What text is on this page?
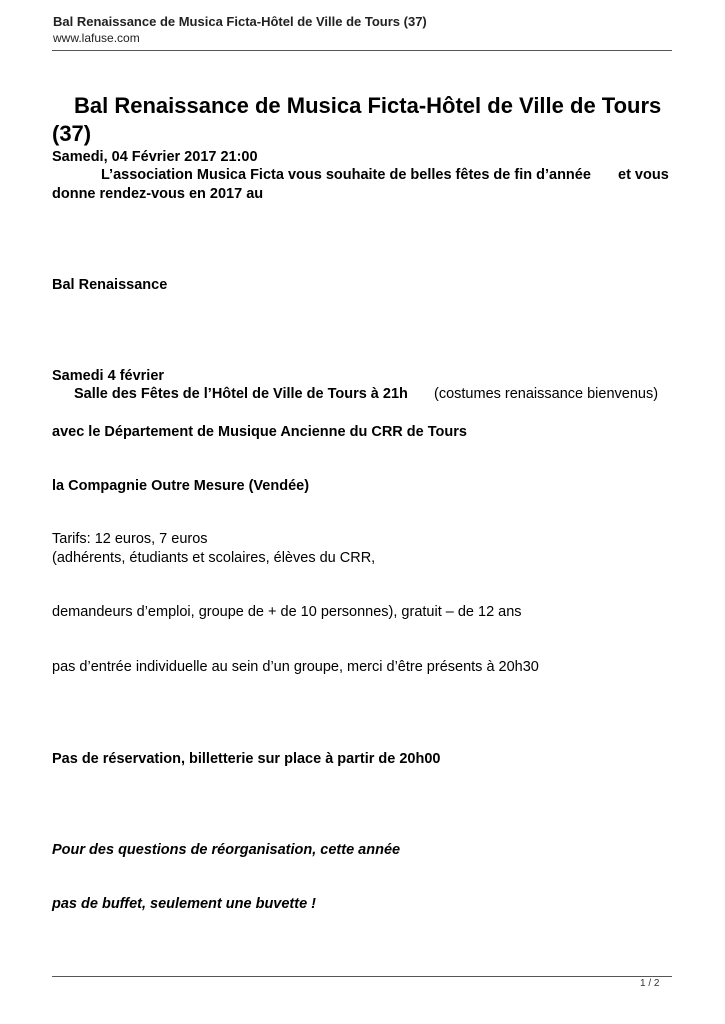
Bal Renaissance de Musica Ficta-Hôtel de Ville de Tours (37)
www.lafuse.com
Bal Renaissance de Musica Ficta-Hôtel de Ville de Tours (37)
Samedi, 04 Février 2017 21:00
L’association Musica Ficta vous souhaite de belles fêtes de fin d’année et vous
donne rendez-vous en 2017 au
Bal Renaissance
Samedi 4 février
Salle des Fêtes de l’Hôtel de Ville de Tours à 21h (costumes renaissance bienvenus)
avec le Département de Musique Ancienne du CRR de Tours
la Compagnie Outre Mesure (Vendée)
Tarifs: 12 euros, 7 euros
(adhérents, étudiants et scolaires, élèves du CRR,
demandeurs d’emploi, groupe de + de 10 personnes), gratuit – de 12 ans
pas d’entrée individuelle au sein d’un groupe, merci d’être présents à 20h30
Pas de réservation, billetterie sur place à partir de 20h00
Pour des questions de réorganisation, cette année
pas de buffet, seulement une buvette !
1 / 2
